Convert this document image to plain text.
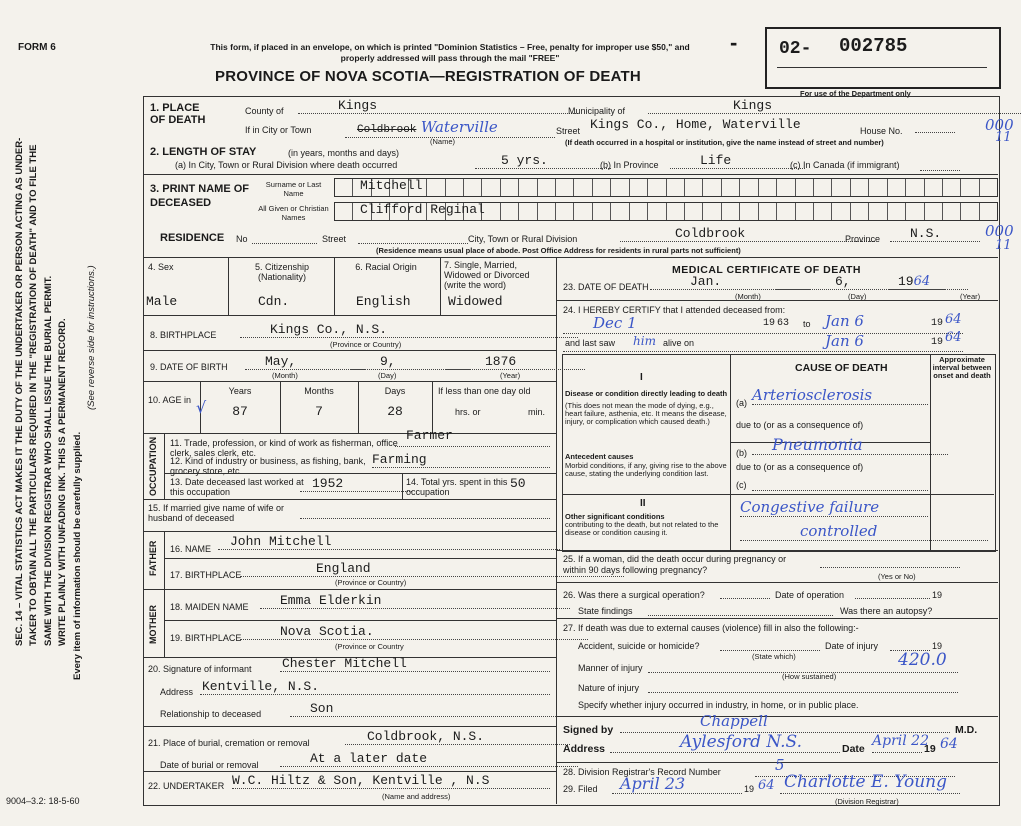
SEC. 14 – VITAL STATISTICS ACT MAKES IT THE DUTY OF THE UNDERTAKER OR PERSON ACTING AS UNDER- TAKER TO OBTAIN ALL THE PARTICULARS REQUIRED IN THE "REGISTRATION OF DEATH" AND TO FILE THE SAME WITH THE DIVISION REGISTRAR WHO SHALL ISSUE THE BURIAL PERMIT. WRITE PLAINLY WITH UNFADING INK. THIS IS A PERMANENT RECORD. Every item of information should be carefully supplied.
(See reverse side for instructions.)
9004–3.2: 18-5-60
FORM 6	This form, if placed in an envelope, on which is printed "Dominion Statistics – Free, penalty for improper use $50," and properly addressed will pass through the mail "FREE"
PROVINCE OF NOVA SCOTIA—REGISTRATION OF DEATH
- 02- 002785
For use of the Department only
1. PLACE OF DEATH
County of	Kings	Municipality of	Kings
If in City or Town	Coldbrook Waterville
(Name)
Street Kings Co., Home, Waterville	House No.
(If death occurred in a hospital or institution, give the name instead of street and number)
000
11
2. LENGTH OF STAY	(in years, months and days)
(a) In City, Town or Rural Division where death occurred	5 yrs.	(b) In Province	Life	(c) In Canada (if immigrant)
3. PRINT NAME OF DECEASED
Surname or Last Name
All Given or Christian Names
Mitchell
Clifford Reginal
RESIDENCE No	Street	City, Town or Rural Division	Coldbrook	Province	N.S.
(Residence means usual place of abode. Post Office Address for residents in rural parts not sufficient)
000
11
4. Sex	5. Citizenship (Nationality)
6. Racial Origin	7. Single, Married, Widowed or Divorced (write the word)
Male	Cdn.	English	Widowed
8. BIRTHPLACE	Kings Co., N.S.
(Province or Country)
9. DATE OF BIRTH	May,	9,	1876
(Month)	(Day)	(Year)
10. AGE in √
Years	Months	Days
87	7	28
If less than one day old
hrs. or	min.
OCCUPATION 11. Trade, profession, or kind of work as fisherman, office clerk, sales clerk, etc.
Farmer
12. Kind of industry or business, as fishing, bank, grocery store, etc.
Farming
13. Date deceased last worked at this occupation
1952	14. Total yrs. spent in this occupation
50
15. If married give name of wife or husband of deceased
FATHER 16. NAME	John Mitchell
17. BIRTHPLACE	England
(Province or Country)
MOTHER 18. MAIDEN NAME	Emma Elderkin
19. BIRTHPLACE	Nova Scotia.
(Province or Country
20. Signature of informant Chester Mitchell
Address Kentville, N.S.
Relationship to deceased	Son
21. Place of burial, cremation or removal	Coldbrook, N.S.
Date of burial or removal	At a later date
22. UNDERTAKER W.C. Hiltz & Son, Kentville , N.S
(Name and address)
MEDICAL CERTIFICATE OF DEATH
23. DATE OF DEATH	Jan.	6,	1964
(Month)	(Day)	(Year)
24. I HEREBY CERTIFY that I attended deceased from:
Dec 1	19 63 to Jan 6	19 64
and last saw him alive on	Jan 6	19 64
CAUSE OF DEATH
Approximate interval between onset and death
I
Disease or condition directly leading to death
(This does not mean the mode of dying, e.g., heart failure, asthenia, etc. It means the disease, injury, or complication which caused death.)
(a) Arteriosclerosis
due to (or as a consequence of)
Antecedent causes
Morbid conditions, if any, giving rise to the above cause, stating the underlying condition last.
(b)	Pneumonia
due to (or as a consequence of)
(c)
II
Other significant conditions
contributing to the death, but not related to the disease or condition causing it.
Congestive failure
controlled
25. If a woman, did the death occur during pregnancy or within 90 days following pregnancy?
(Yes or No)
26. Was there a surgical operation?	Date of operation	19
State findings	Was there an autopsy?
27. If death was due to external causes (violence) fill in also the following:-
Accident, suicide or homicide?	Date of injury	19
(State which)
Manner of injury	420.0
(How sustained)
Nature of injury
Specify whether injury occurred in industry, in home, or in public place.
Signed by	Chappell	M.D.
Address	Aylesford N.S.	Date April 22
19 64
28. Division Registrar's Record Number	5
29. Filed April 23	19 64 Charlotte E. Young
(Division Registrar)
